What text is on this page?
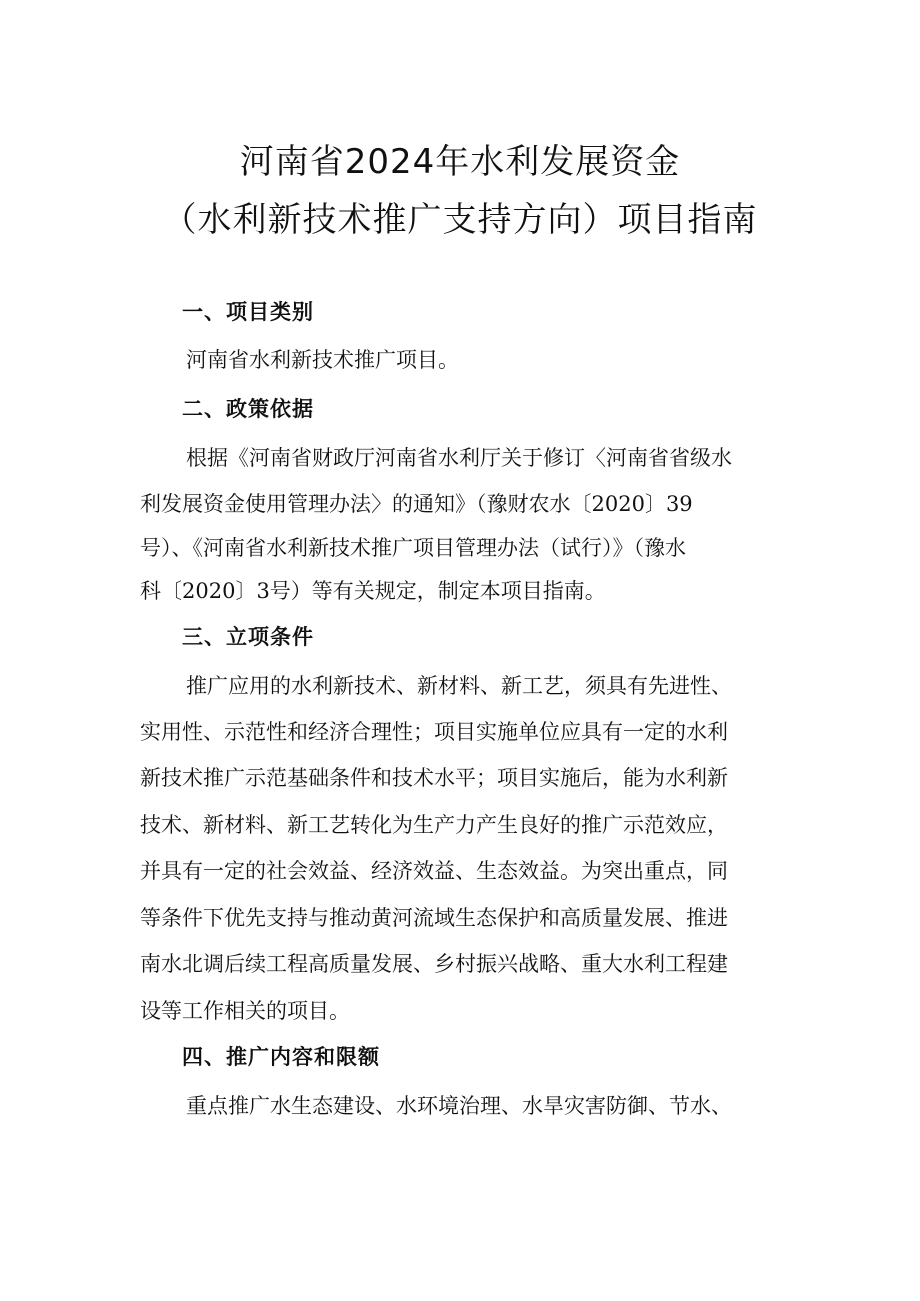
河南省2024年水利发展资金
（水利新技术推广支持方向）项目指南
一、项目类别
河南省水利新技术推广项目。
二、政策依据
根据《河南省财政厅河南省水利厅关于修订〈河南省省级水
利发展资金使用管理办法〉的通知》（豫财农水〔2020〕39
号）、《河南省水利新技术推广项目管理办法（试行）》（豫水
科〔2020〕3号）等有关规定，制定本项目指南。
三、立项条件
推广应用的水利新技术、新材料、新工艺，须具有先进性、
实用性、示范性和经济合理性；项目实施单位应具有一定的水利
新技术推广示范基础条件和技术水平；项目实施后，能为水利新
技术、新材料、新工艺转化为生产力产生良好的推广示范效应，
并具有一定的社会效益、经济效益、生态效益。为突出重点，同
等条件下优先支持与推动黄河流域生态保护和高质量发展、推进
南水北调后续工程高质量发展、乡村振兴战略、重大水利工程建
设等工作相关的项目。
四、推广内容和限额
重点推广水生态建设、水环境治理、水旱灾害防御、节水、
